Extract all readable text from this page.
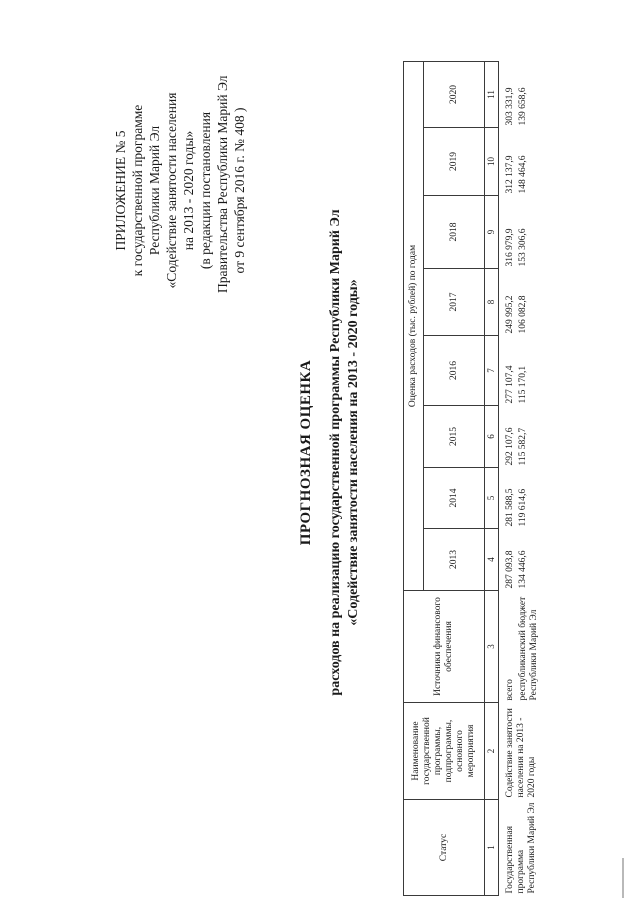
ПРИЛОЖЕНИЕ № 5 к государственной программе Республики Марий Эл «Содействие занятости населения на 2013 - 2020 годы» (в редакции постановления Правительства Республики Марий Эл от 9 сентября 2016 г. № 408 )
ПРОГНОЗНАЯ ОЦЕНКА расходов на реализацию государственной программы Республики Марий Эл «Содействие занятости населения на 2013 - 2020 годы»
Статус	Наименование государственной программы, подпрограммы, основного мероприятия	Источники финансового обеспечения	Оценка расходов (тыс. рублей) по годам							
			2013	2014	2015	2016	2017	2018	2019	2020
1	2	3	4	5	6	7	8	9	10	11
Государственная программа Республики Марий Эл	Содействие занятости населения на 2013 - 2020 годы	всего	287 093,8	281 588,5	292 107,6	277 107,4	249 995,2	316 979,9	312 137,9	303 331,9
		республиканский бюджет Республики Марий Эл	134 446,6	119 614,6	115 582,7	115 170,1	106 082,8	153 306,6	148 464,6	139 658,6
